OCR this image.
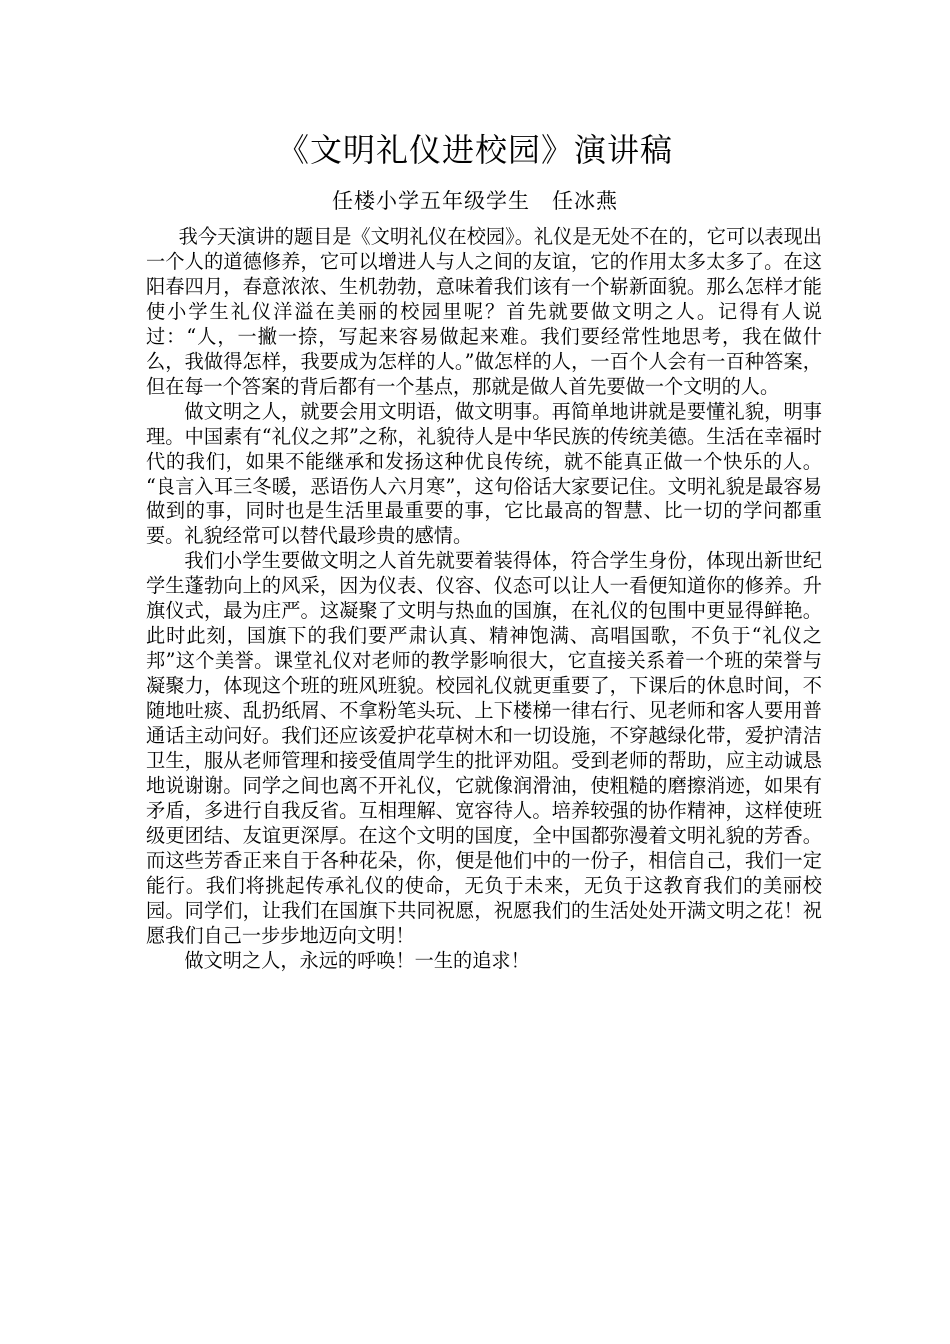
《文明礼仪进校园》演讲稿
任楼小学五年级学生 任冰燕

我今天演讲的题目是《文明礼仪在校园》。礼仪是无处不在的，它可以表现出一个人的道德修养，它可以增进人与人之间的友谊，它的作用太多太多了。在这阳春四月，春意浓浓、生机勃勃，意味着我们该有一个崭新面貌。那么怎样才能使小学生礼仪洋溢在美丽的校园里呢？首先就要做文明之人。记得有人说过：“人，一撇一捺，写起来容易做起来难。我们要经常性地思考，我在做什么，我做得怎样，我要成为怎样的人。”做怎样的人，一百个人会有一百种答案，但在每一个答案的背后都有一个基点，那就是做人首先要做一个文明的人。

做文明之人，就要会用文明语，做文明事。再简单地讲就是要懂礼貌，明事理。中国素有“礼仪之邦”之称，礼貌待人是中华民族的传统美德。生活在幸福时代的我们，如果不能继承和发扬这种优良传统，就不能真正做一个快乐的人。 “良言入耳三冬暖，恶语伤人六月寒”，这句俗话大家要记住。文明礼貌是最容易做到的事，同时也是生活里最重要的事，它比最高的智慧、比一切的学问都重要。礼貌经常可以替代最珍贵的感情。

我们小学生要做文明之人首先就要着装得体，符合学生身份，体现出新世纪学生蓬勃向上的风采，因为仪表、仪容、仪态可以让人一看便知道你的修养。升旗仪式，最为庄严。这凝聚了文明与热血的国旗，在礼仪的包围中更显得鲜艳。此时此刻，国旗下的我们要严肃认真、精神饱满、高唱国歌，不负于“礼仪之邦”这个美誉。课堂礼仪对老师的教学影响很大，它直接关系着一个班的荣誉与凝聚力，体现这个班的班风班貌。校园礼仪就更重要了，下课后的休息时间，不随地吐痰、乱扔纸屑、不拿粉笔头玩、上下楼梯一律右行、见老师和客人要用普通话主动问好。我们还应该爱护花草树木和一切设施，不穿越绿化带，爱护清洁卫生，服从老师管理和接受值周学生的批评劝阻。受到老师的帮助，应主动诚恳地说谢谢。同学之间也离不开礼仪，它就像润滑油，使粗糙的磨擦消迹，如果有矛盾，多进行自我反省。互相理解、宽容待人。培养较强的协作精神，这样使班级更团结、友谊更深厚。在这个文明的国度，全中国都弥漫着文明礼貌的芳香。而这些芳香正来自于各种花朵，你，便是他们中的一份子，相信自己，我们一定能行。我们将挑起传承礼仪的使命，无负于未来，无负于这教育我们的美丽校园。同学们，让我们在国旗下共同祝愿，祝愿我们的生活处处开满文明之花！祝愿我们自己一步步地迈向文明！

做文明之人，永远的呼唤！一生的追求！
